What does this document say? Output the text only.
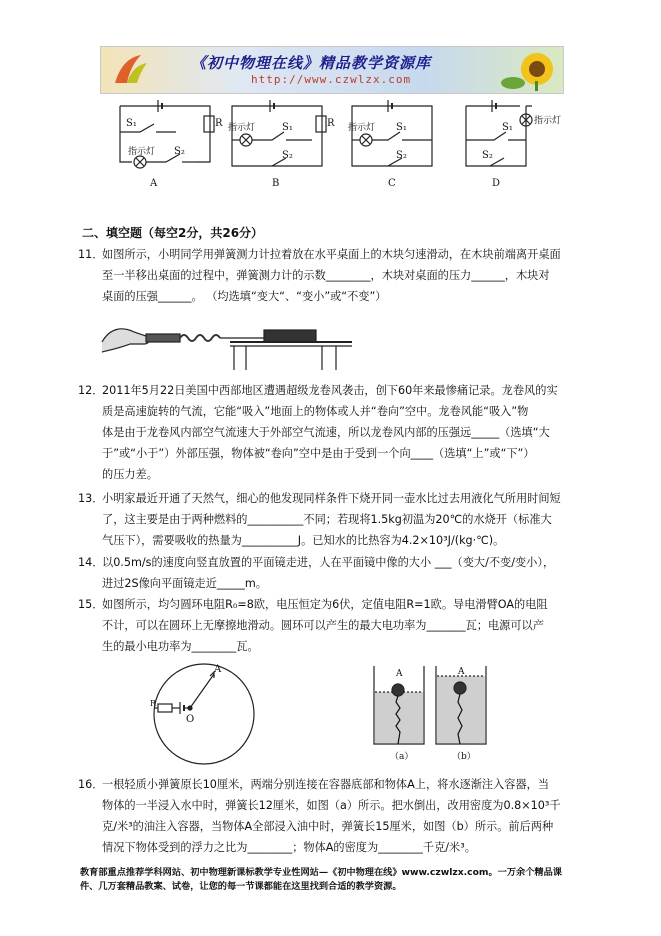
《初中物理在线》精品教学资源库
http://www.czwlzx.com
S₁
S₂
R
指示灯
A
指示灯	S₁
S₂
R
B
指示灯 S₁
S₂
C
指示灯
S₁
S₂
D
二、填空题（每空2分，共26分）

11．如图所示，小明同学用弹簧测力计拉着放在水平桌面上的木块匀速滑动，在木块前端离开桌面

至一半移出桌面的过程中，弹簧测力计的示数________，木块对桌面的压力______，木块对

桌面的压强______。 （均选填“变大“、“变小”或“不变”）

12．2011年5月22日美国中西部地区遭遇超级龙卷风袭击，创下60年来最惨痛记录。龙卷风的实

质是高速旋转的气流，它能“吸入”地面上的物体或人并“卷向”空中。龙卷风能“吸入”物

体是由于龙卷风内部空气流速大于外部空气流速，所以龙卷风内部的压强远_____（选填“大

于”或“小于”）外部压强，物体被“卷向”空中是由于受到一个向____（选填“上”或“下”）

的压力差。

13．小明家最近开通了天然气，细心的他发现同样条件下烧开同一壶水比过去用液化气所用时间短

了，这主要是由于两种燃料的__________不同；若现将1.5kg初温为20℃的水烧开（标准大

气压下），需要吸收的热量为__________J。已知水的比热容为4.2×10³J/(kg·℃)。

14．以0.5m/s的速度向竖直放置的平面镜走进，人在平面镜中像的大小 ___（变大/不变/变小），

进过2S像向平面镜走近_____m。

15．如图所示，均匀圆环电阻R₀=8欧，电压恒定为6伏，定值电阻R=1欧。导电滑臂OA的电阻

不计，可以在圆环上无摩擦地滑动。圆环可以产生的最大电功率为_______瓦；电源可以产

生的最小电功率为________瓦。

R
O
A	A
（a）
A
（b）

16．一根轻质小弹簧原长10厘米，两端分别连接在容器底部和物体A上，将水逐渐注入容器，当

物体的一半浸入水中时，弹簧长12厘米，如图（a）所示。把水倒出，改用密度为0.8×10³千

克/米³的油注入容器，当物体A全部浸入油中时，弹簧长15厘米，如图（b）所示。前后两种

情况下物体受到的浮力之比为________；物体A的密度为________千克/米³。

教育部重点推荐学科网站、初中物理新课标教学专业性网站—《初中物理在线》www.czwlzx.com。一万余个精品课
件、几万套精品教案、试卷，让您的每一节课都能在这里找到合适的教学资源。
